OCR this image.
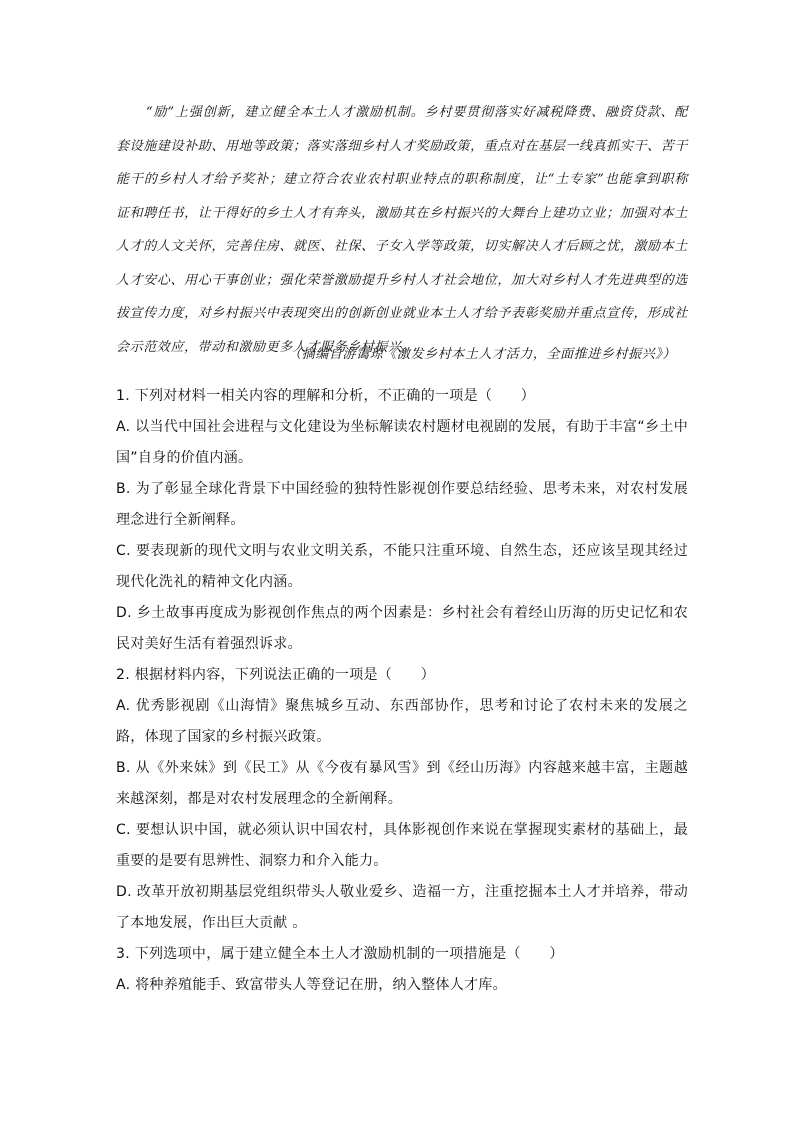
“励”上强创新，建立健全本土人才激励机制。乡村要贯彻落实好减税降费、融资贷款、配套设施建设补助、用地等政策；落实落细乡村人才奖励政策，重点对在基层一线真抓实干、苦干能干的乡村人才给予奖补；建立符合农业农村职业特点的职称制度，让“土专家”也能拿到职称证和聘任书，让干得好的乡土人才有奔头，激励其在乡村振兴的大舞台上建功立业；加强对本土人才的人文关怀，完善住房、就医、社保、子女入学等政策，切实解决人才后顾之忧，激励本土人才安心、用心干事创业；强化荣誉激励提升乡村人才社会地位，加大对乡村人才先进典型的选拔宣传力度，对乡村振兴中表现突出的创新创业就业本土人才给予表彰奖励并重点宣传，形成社会示范效应，带动和激励更多人才服务乡村振兴。

（摘编自游霭琼《激发乡村本土人才活力，全面推进乡村振兴》）

1. 下列对材料一相关内容的理解和分析，不正确的一项是（　　）

A. 以当代中国社会进程与文化建设为坐标解读农村题材电视剧的发展，有助于丰富“乡土中国”自身的价值内涵。

B. 为了彰显全球化背景下中国经验的独特性影视创作要总结经验、思考未来，对农村发展理念进行全新阐释。

C. 要表现新的现代文明与农业文明关系，不能只注重环境、自然生态，还应该呈现其经过现代化洗礼的精神文化内涵。

D. 乡土故事再度成为影视创作焦点的两个因素是：乡村社会有着经山历海的历史记忆和农民对美好生活有着强烈诉求。

2. 根据材料内容，下列说法正确的一项是（　　）

A. 优秀影视剧《山海情》聚焦城乡互动、东西部协作，思考和讨论了农村未来的发展之路，体现了国家的乡村振兴政策。

B. 从《外来妹》到《民工》从《今夜有暴风雪》到《经山历海》内容越来越丰富，主题越来越深刻，都是对农村发展理念的全新阐释。

C. 要想认识中国，就必须认识中国农村，具体影视创作来说在掌握现实素材的基础上，最重要的是要有思辨性、洞察力和介入能力。

D. 改革开放初期基层党组织带头人敬业爱乡、造福一方，注重挖掘本土人才并培养，带动了本地发展，作出巨大贡献 。

3. 下列选项中，属于建立健全本土人才激励机制的一项措施是（　　）

A. 将种养殖能手、致富带头人等登记在册，纳入整体人才库。
